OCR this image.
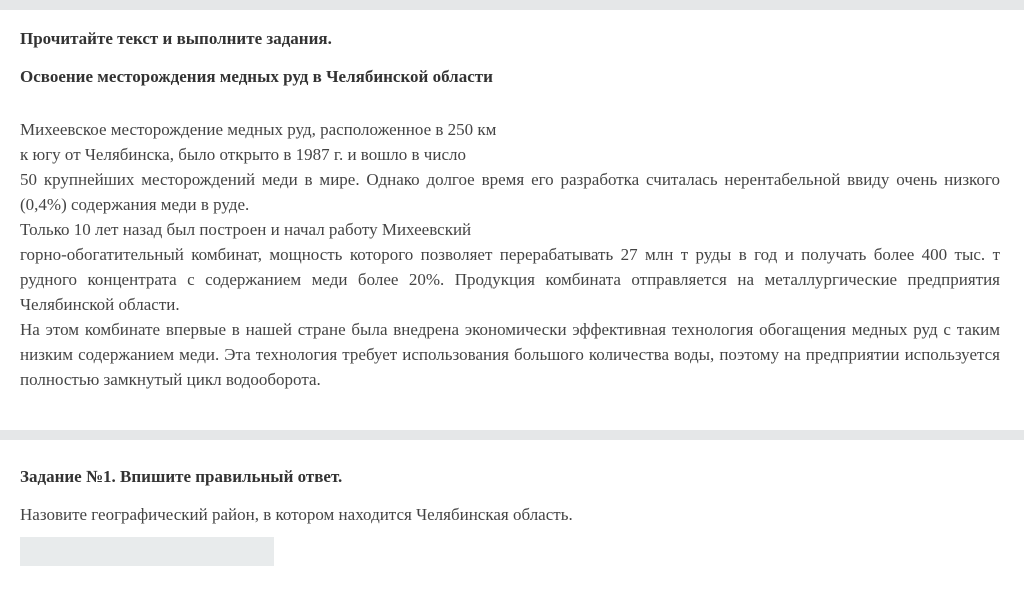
Прочитайте текст и выполните задания.

Освоение месторождения медных руд в Челябинской области

Михеевское месторождение медных руд, расположенное в 250 км
к югу от Челябинска, было открыто в 1987 г. и вошло в число
50 крупнейших месторождений меди в мире. Однако долгое время его разработка считалась нерентабельной ввиду очень низкого (0,4%) содержания меди в руде.
Только 10 лет назад был построен и начал работу Михеевский
горно-обогатительный комбинат, мощность которого позволяет перерабатывать 27 млн т руды в год и получать более 400 тыс. т рудного концентрата с содержанием меди более 20%. Продукция комбината отправляется на металлургические предприятия Челябинской области.
На этом комбинате впервые в нашей стране была внедрена экономически эффективная технология обогащения медных руд с таким низким содержанием меди. Эта технология требует использования большого количества воды, поэтому на предприятии используется полностью замкнутый цикл водооборота.

Задание №1. Впишите правильный ответ.

Назовите географический район, в котором находится Челябинская область.
